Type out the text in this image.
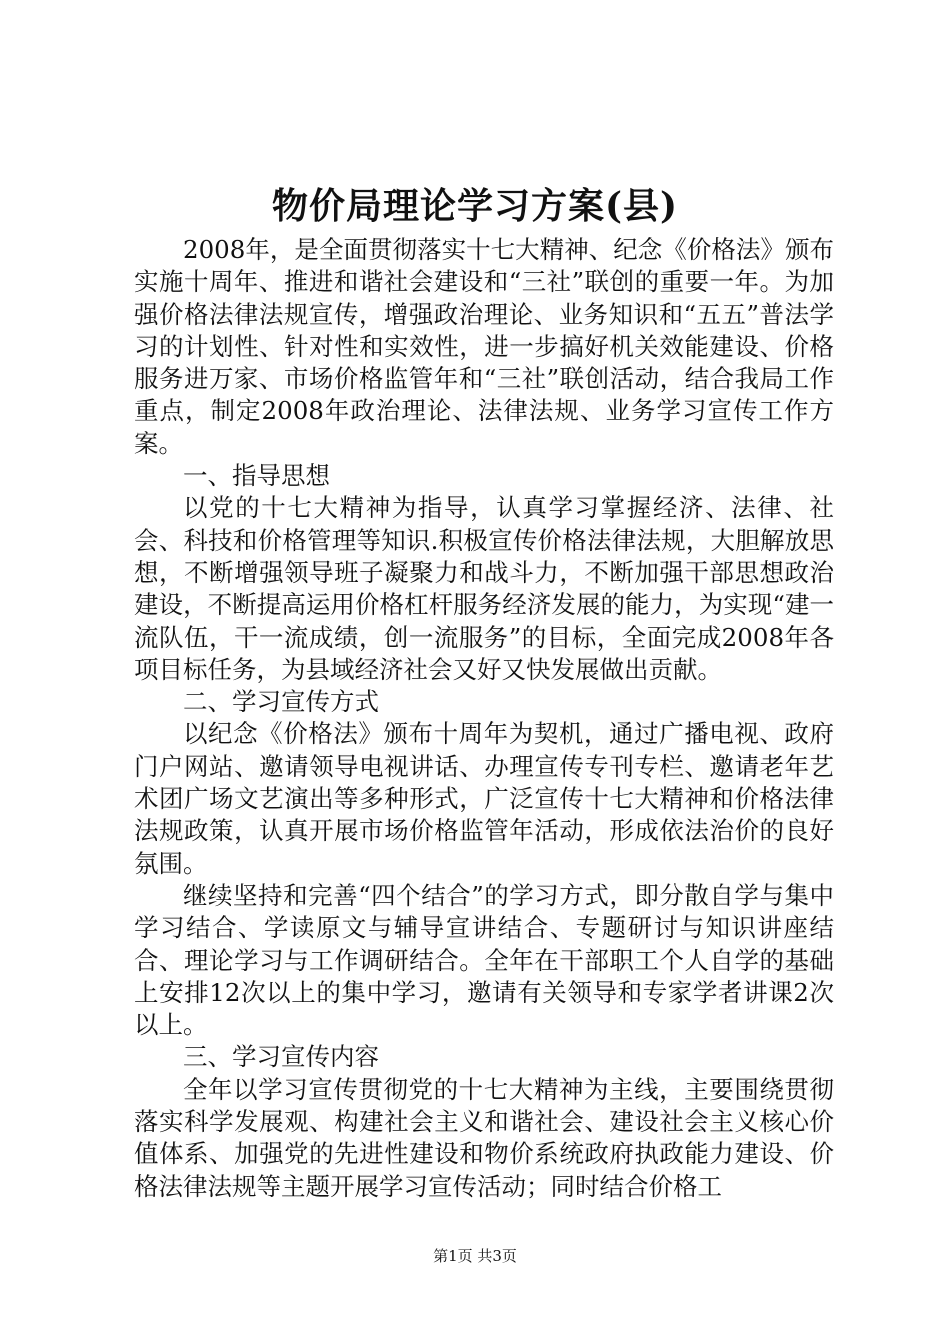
物价局理论学习方案(县)

2008年，是全面贯彻落实十七大精神、纪念《价格法》颁布实施十周年、推进和谐社会建设和“三社”联创的重要一年。为加强价格法律法规宣传，增强政治理论、业务知识和“五五”普法学习的计划性、针对性和实效性，进一步搞好机关效能建设、价格服务进万家、市场价格监管年和“三社”联创活动，结合我局工作重点，制定2008年政治理论、法律法规、业务学习宣传工作方案。

一、指导思想

以党的十七大精神为指导，认真学习掌握经济、法律、社会、科技和价格管理等知识.积极宣传价格法律法规，大胆解放思想，不断增强领导班子凝聚力和战斗力，不断加强干部思想政治建设，不断提高运用价格杠杆服务经济发展的能力，为实现“建一流队伍，干一流成绩，创一流服务”的目标，全面完成2008年各项目标任务，为县域经济社会又好又快发展做出贡献。

二、学习宣传方式

以纪念《价格法》颁布十周年为契机，通过广播电视、政府门户网站、邀请领导电视讲话、办理宣传专刊专栏、邀请老年艺术团广场文艺演出等多种形式，广泛宣传十七大精神和价格法律法规政策，认真开展市场价格监管年活动，形成依法治价的良好氛围。

继续坚持和完善“四个结合”的学习方式，即分散自学与集中学习结合、学读原文与辅导宣讲结合、专题研讨与知识讲座结合、理论学习与工作调研结合。全年在干部职工个人自学的基础上安排12次以上的集中学习，邀请有关领导和专家学者讲课2次以上。

三、学习宣传内容

全年以学习宣传贯彻党的十七大精神为主线，主要围绕贯彻落实科学发展观、构建社会主义和谐社会、建设社会主义核心价值体系、加强党的先进性建设和物价系统政府执政能力建设、价格法律法规等主题开展学习宣传活动；同时结合价格工

第1页 共3页
